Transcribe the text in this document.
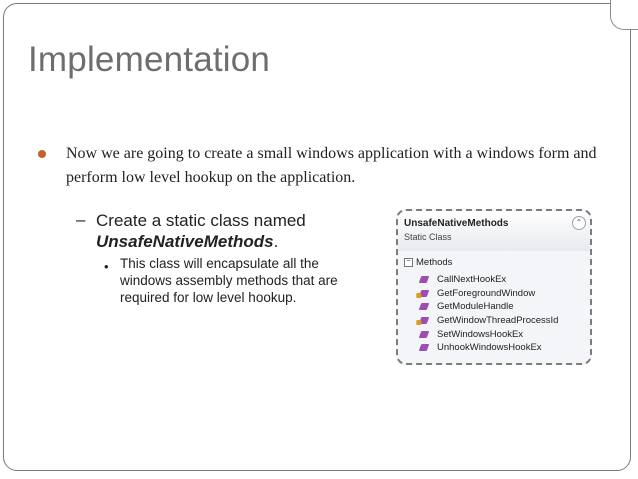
Implementation
Now we are going to create a small windows application with a windows form and perform low level hookup on the application.
– Create a static class named UnsafeNativeMethods.
• This class will encapsulate all the windows assembly methods that are required for low level hookup.
UnsafeNativeMethods
Static Class
⌃
− Methods
CallNextHookEx
GetForegroundWindow
GetModuleHandle
GetWindowThreadProcessId
SetWindowsHookEx
UnhookWindowsHookEx
